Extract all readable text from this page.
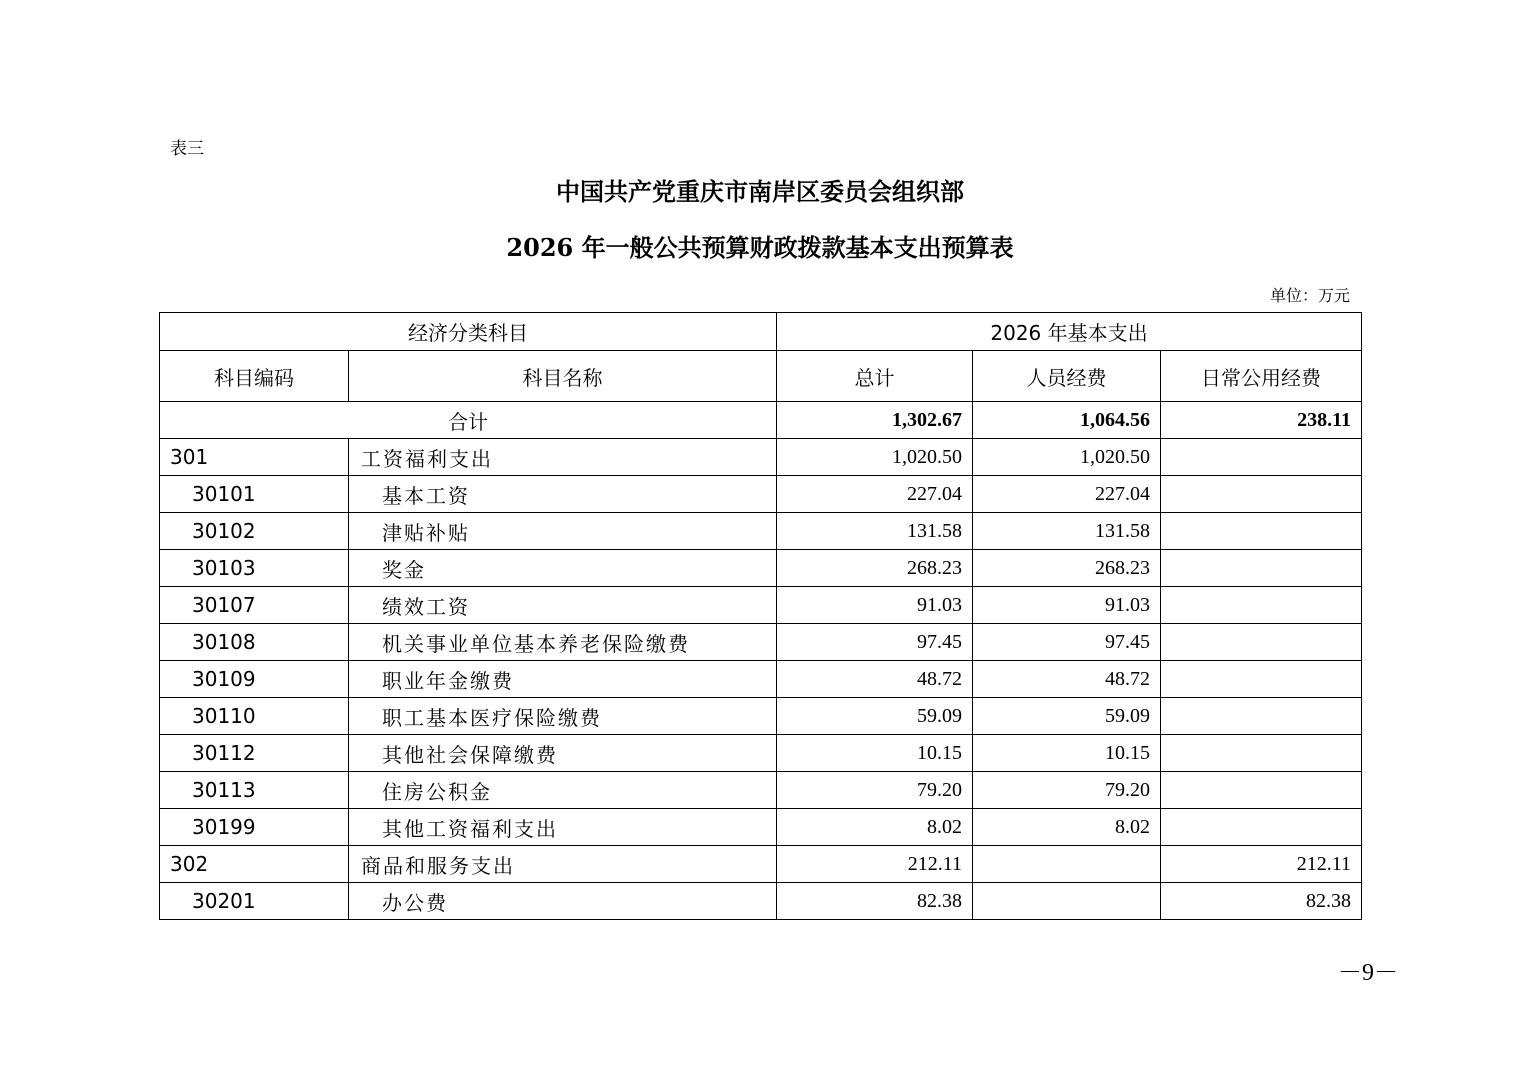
表三
中国共产党重庆市南岸区委员会组织部
2026 年一般公共预算财政拨款基本支出预算表
单位：万元
经济分类科目		2026 年基本支出		
科目编码	科目名称	总计	人员经费	日常公用经费
合计		1,302.67	1,064.56	238.11
301	工资福利支出	1,020.50	1,020.50	
30101	基本工资	227.04	227.04	
30102	津贴补贴	131.58	131.58	
30103	奖金	268.23	268.23	
30107	绩效工资	91.03	91.03	
30108	机关事业单位基本养老保险缴费	97.45	97.45	
30109	职业年金缴费	48.72	48.72	
30110	职工基本医疗保险缴费	59.09	59.09	
30112	其他社会保障缴费	10.15	10.15	
30113	住房公积金	79.20	79.20	
30199	其他工资福利支出	8.02	8.02	
302	商品和服务支出	212.11		212.11
30201	办公费	82.38		82.38
－9－
